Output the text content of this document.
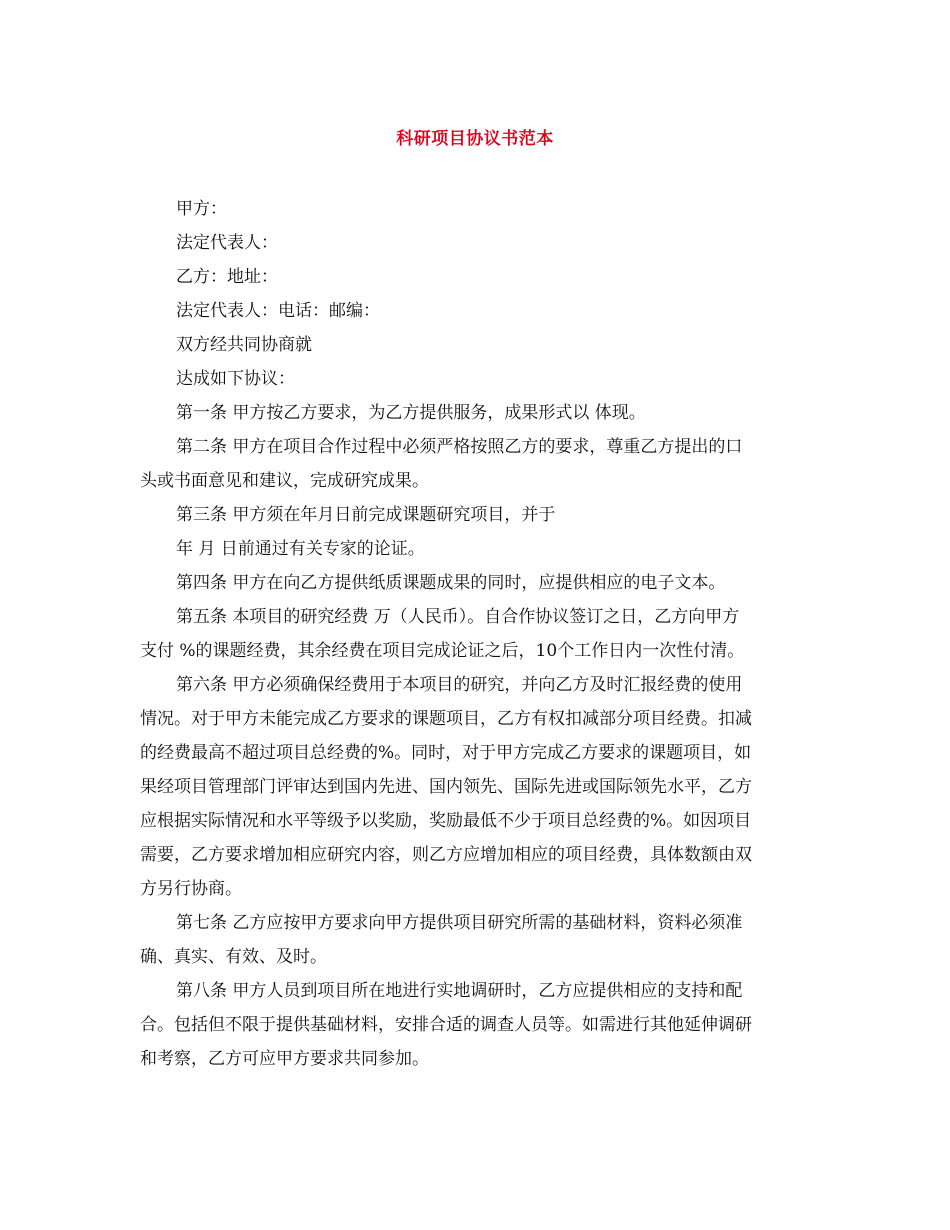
科研项目协议书范本
甲方：
法定代表人：
乙方：地址：
法定代表人：电话：邮编：
双方经共同协商就
达成如下协议：
第一条 甲方按乙方要求，为乙方提供服务，成果形式以 体现。
第二条 甲方在项目合作过程中必须严格按照乙方的要求，尊重乙方提出的口
头或书面意见和建议，完成研究成果。
第三条 甲方须在年月日前完成课题研究项目，并于
年 月 日前通过有关专家的论证。
第四条 甲方在向乙方提供纸质课题成果的同时，应提供相应的电子文本。
第五条 本项目的研究经费 万（人民币）。自合作协议签订之日，乙方向甲方
支付 %的课题经费，其余经费在项目完成论证之后，10个工作日内一次性付清。
第六条 甲方必须确保经费用于本项目的研究，并向乙方及时汇报经费的使用
情况。对于甲方未能完成乙方要求的课题项目，乙方有权扣减部分项目经费。扣减
的经费最高不超过项目总经费的%。同时，对于甲方完成乙方要求的课题项目，如
果经项目管理部门评审达到国内先进、国内领先、国际先进或国际领先水平，乙方
应根据实际情况和水平等级予以奖励，奖励最低不少于项目总经费的%。如因项目
需要，乙方要求增加相应研究内容，则乙方应增加相应的项目经费，具体数额由双
方另行协商。
第七条 乙方应按甲方要求向甲方提供项目研究所需的基础材料，资料必须准
确、真实、有效、及时。
第八条 甲方人员到项目所在地进行实地调研时，乙方应提供相应的支持和配
合。包括但不限于提供基础材料，安排合适的调查人员等。如需进行其他延伸调研
和考察，乙方可应甲方要求共同参加。
